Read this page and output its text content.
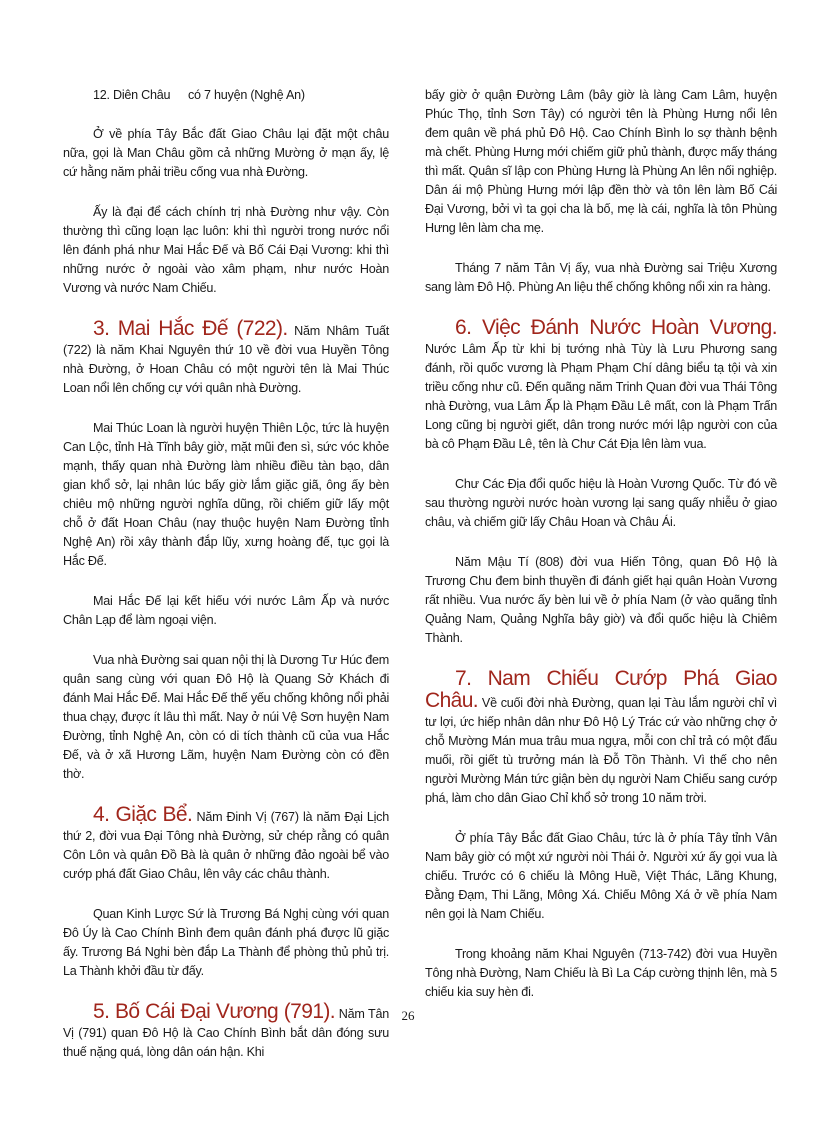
12. Diên Châu có 7 huyện (Nghệ An)

Ở về phía Tây Bắc đất Giao Châu lại đặt một châu nữa, gọi là Man Châu gồm cả những Mường ở mạn ấy, lệ cứ hằng năm phải triều cống vua nhà Đường.

Ấy là đại để cách chính trị nhà Đường như vậy. Còn thường thì cũng loạn lạc luôn: khi thì người trong nước nổi lên đánh phá như Mai Hắc Đế và Bố Cái Đại Vương: khi thì những nước ở ngoài vào xâm phạm, như nước Hoàn Vương và nước Nam Chiếu.

3. Mai Hắc Đế (722). Năm Nhâm Tuất (722) là năm Khai Nguyên thứ 10 về đời vua Huyền Tông nhà Đường, ở Hoan Châu có một người tên là Mai Thúc Loan nổi lên chống cự với quân nhà Đường.

Mai Thúc Loan là người huyện Thiên Lộc, tức là huyện Can Lộc, tỉnh Hà Tĩnh bây giờ, mặt mũi đen sì, sức vóc khỏe mạnh, thấy quan nhà Đường làm nhiều điều tàn bạo, dân gian khổ sở, lại nhân lúc bấy giờ lắm giặc giã, ông ấy bèn chiêu mộ những người nghĩa dũng, rồi chiếm giữ lấy một chỗ ở đất Hoan Châu (nay thuộc huyện Nam Đường tỉnh Nghệ An) rồi xây thành đắp lũy, xưng hoàng đế, tục gọi là Hắc Đế.

Mai Hắc Đế lại kết hiếu với nước Lâm Ấp và nước Chân Lạp để làm ngoại viện.

Vua nhà Đường sai quan nội thị là Dương Tư Húc đem quân sang cùng với quan Đô Hộ là Quang Sở Khách đi đánh Mai Hắc Đế. Mai Hắc Đế thế yếu chống không nổi phải thua chạy, được ít lâu thì mất. Nay ở núi Vệ Sơn huyện Nam Đường, tỉnh Nghệ An, còn có di tích thành cũ của vua Hắc Đế, và ở xã Hương Lãm, huyện Nam Đường còn có đền thờ.

4. Giặc Bể. Năm Đinh Vị (767) là năm Đại Lịch thứ 2, đời vua Đại Tông nhà Đường, sử chép rằng có quân Côn Lôn và quân Đồ Bà là quân ở những đảo ngoài bể vào cướp phá đất Giao Châu, lên vây các châu thành.

Quan Kinh Lược Sứ là Trương Bá Nghị cùng với quan Đô Úy là Cao Chính Bình đem quân đánh phá được lũ giặc ấy. Trương Bá Nghi bèn đắp La Thành để phòng thủ phủ trị. La Thành khởi đầu từ đấy.

5. Bố Cái Đại Vương (791). Năm Tân Vị (791) quan Đô Hộ là Cao Chính Bình bắt dân đóng sưu thuế nặng quá, lòng dân oán hận. Khi

bấy giờ ở quận Đường Lâm (bây giờ là làng Cam Lâm, huyện Phúc Thọ, tỉnh Sơn Tây) có người tên là Phùng Hưng nổi lên đem quân về phá phủ Đô Hộ. Cao Chính Bình lo sợ thành bệnh mà chết. Phùng Hưng mới chiếm giữ phủ thành, được mấy tháng thì mất. Quân sĩ lập con Phùng Hưng là Phùng An lên nối nghiệp. Dân ái mộ Phùng Hưng mới lập đền thờ và tôn lên làm Bố Cái Đại Vương, bởi vì ta gọi cha là bố, mẹ là cái, nghĩa là tôn Phùng Hưng lên làm cha mẹ.

Tháng 7 năm Tân Vị ấy, vua nhà Đường sai Triệu Xương sang làm Đô Hộ. Phùng An liệu thế chống không nổi xin ra hàng.

6. Việc Đánh Nước Hoàn Vương. Nước Lâm Ấp từ khi bị tướng nhà Tùy là Lưu Phương sang đánh, rồi quốc vương là Phạm Phạm Chí dâng biểu tạ tội và xin triều cống như cũ. Đến quãng năm Trinh Quan đời vua Thái Tông nhà Đường, vua Lâm Ấp là Phạm Đầu Lê mất, con là Phạm Trấn Long cũng bị người giết, dân trong nước mới lập người con của bà cô Phạm Đầu Lê, tên là Chư Cát Địa lên làm vua.

Chư Các Địa đổi quốc hiệu là Hoàn Vương Quốc. Từ đó về sau thường người nước hoàn vương lại sang quấy nhiễu ở giao châu, và chiếm giữ lấy Châu Hoan và Châu Ái.

Năm Mậu Tí (808) đời vua Hiến Tông, quan Đô Hộ là Trương Chu đem binh thuyền đi đánh giết hại quân Hoàn Vương rất nhiều. Vua nước ấy bèn lui về ở phía Nam (ở vào quãng tỉnh Quảng Nam, Quảng Nghĩa bây giờ) và đổi quốc hiệu là Chiêm Thành.

7. Nam Chiếu Cướp Phá Giao Châu. Về cuối đời nhà Đường, quan lại Tàu lắm người chỉ vì tư lợi, ức hiếp nhân dân như Đô Hộ Lý Trác cứ vào những chợ ở chỗ Mường Mán mua trâu mua ngựa, mỗi con chỉ trả có một đấu muối, rồi giết tù trưởng mán là Đỗ Tồn Thành. Vì thế cho nên người Mường Mán tức giận bèn dụ người Nam Chiếu sang cướp phá, làm cho dân Giao Chỉ khổ sở trong 10 năm trời.

Ở phía Tây Bắc đất Giao Châu, tức là ở phía Tây tỉnh Vân Nam bây giờ có một xứ người nòi Thái ở. Người xứ ấy gọi vua là chiếu. Trước có 6 chiếu là Mông Huề, Việt Thác, Lãng Khung, Đằng Đạm, Thi Lãng, Mông Xá. Chiếu Mông Xá ở về phía Nam nên gọi là Nam Chiếu.

Trong khoảng năm Khai Nguyên (713-742) đời vua Huyền Tông nhà Đường, Nam Chiếu là Bì La Cáp cường thịnh lên, mà 5 chiếu kia suy hèn đi.

26
